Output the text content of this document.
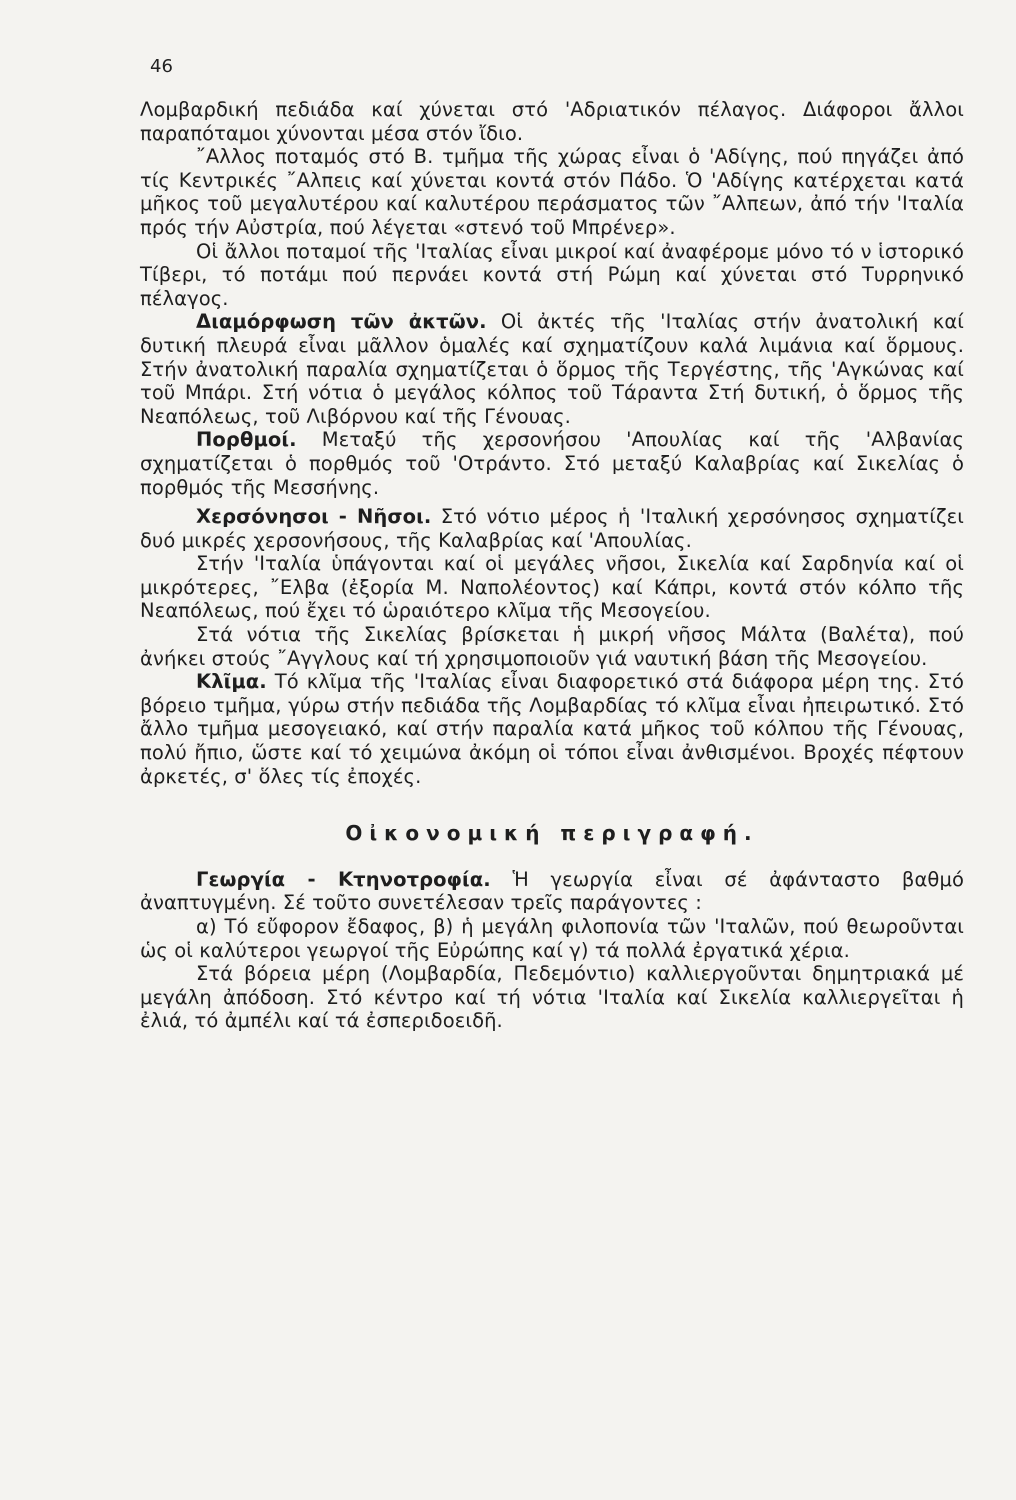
46

Λομβαρδική πεδιάδα καί χύνεται στό 'Αδριατικόν πέλαγος. Διάφοροι ἄλλοι παραπόταμοι χύνονται μέσα στόν ἴδιο.

῎Αλλος ποταμός στό Β. τμῆμα τῆς χώρας εἶναι ὁ 'Αδίγης, πού πηγάζει ἀπό τίς Κεντρικές ῎Αλπεις καί χύνεται κοντά στόν Πάδο. Ὁ 'Αδίγης κατέρχεται κατά μῆκος τοῦ μεγαλυτέρου καί καλυτέρου περάσματος τῶν ῎Αλπεων, ἀπό τήν 'Ιταλία πρός τήν Αὐστρία, πού λέγεται «στενό τοῦ Μπρένερ».

Οἱ ἄλλοι ποταμοί τῆς 'Ιταλίας εἶναι μικροί καί ἀναφέρομε μόνο τό ν ἱστορικό Τίβερι, τό ποτάμι πού περνάει κοντά στή Ρώμη καί χύνεται στό Τυρρηνικό πέλαγος.

Διαμόρφωση τῶν ἀκτῶν. Οἱ ἀκτές τῆς 'Ιταλίας στήν ἀνατολική καί δυτική πλευρά εἶναι μᾶλλον ὁμαλές καί σχηματίζουν καλά λιμάνια καί ὅρμους. Στήν ἀνατολική παραλία σχηματίζεται ὁ ὅρμος τῆς Τεργέστης, τῆς 'Αγκώνας καί τοῦ Μπάρι. Στή νότια ὁ μεγάλος κόλπος τοῦ Τάραντα Στή δυτική, ὁ ὅρμος τῆς Νεαπόλεως, τοῦ Λιβόρνου καί τῆς Γένουας.

Πορθμοί. Μεταξύ τῆς χερσονήσου 'Απουλίας καί τῆς 'Αλβανίας σχηματίζεται ὁ πορθμός τοῦ 'Οτράντο. Στό μεταξύ Καλαβρίας καί Σικελίας ὁ πορθμός τῆς Μεσσήνης.

Χερσόνησοι - Νῆσοι. Στό νότιο μέρος ἡ 'Ιταλική χερσόνησος σχηματίζει δυό μικρές χερσονήσους, τῆς Καλαβρίας καί 'Απουλίας.

Στήν 'Ιταλία ὑπάγονται καί οἱ μεγάλες νῆσοι, Σικελία καί Σαρδηνία καί οἱ μικρότερες, ῎Ελβα (ἐξορία Μ. Ναπολέοντος) καί Κάπρι, κοντά στόν κόλπο τῆς Νεαπόλεως, πού ἔχει τό ὡραιότερο κλῖμα τῆς Μεσογείου.

Στά νότια τῆς Σικελίας βρίσκεται ἡ μικρή νῆσος Μάλτα (Βαλέτα), πού ἀνήκει στούς ῎Αγγλους καί τή χρησιμοποιοῦν γιά ναυτική βάση τῆς Μεσογείου.

Κλῖμα. Τό κλῖμα τῆς 'Ιταλίας εἶναι διαφορετικό στά διάφορα μέρη της. Στό βόρειο τμῆμα, γύρω στήν πεδιάδα τῆς Λομβαρδίας τό κλῖμα εἶναι ἠπειρωτικό. Στό ἄλλο τμῆμα μεσογειακό, καί στήν παραλία κατά μῆκος τοῦ κόλπου τῆς Γένουας, πολύ ἤπιο, ὥστε καί τό χειμώνα ἀκόμη οἱ τόποι εἶναι ἀνθισμένοι. Βροχές πέφτουν ἀρκετές, σ' ὅλες τίς ἐποχές.

Οἰκονομική περιγραφή.

Γεωργία - Κτηνοτροφία. Ἡ γεωργία εἶναι σέ ἀφάνταστο βαθμό ἀναπτυγμένη. Σέ τοῦτο συνετέλεσαν τρεῖς παράγοντες :

α) Τό εὔφορον ἔδαφος, β) ἡ μεγάλη φιλοπονία τῶν 'Ιταλῶν, πού θεωροῦνται ὡς οἱ καλύτεροι γεωργοί τῆς Εὐρώπης καί γ) τά πολλά ἐργατικά χέρια.

Στά βόρεια μέρη (Λομβαρδία, Πεδεμόντιο) καλλιεργοῦνται δημητριακά μέ μεγάλη ἀπόδοση. Στό κέντρο καί τή νότια 'Ιταλία καί Σικελία καλλιεργεῖται ἡ ἐλιά, τό ἀμπέλι καί τά ἐσπεριδοειδῆ.
